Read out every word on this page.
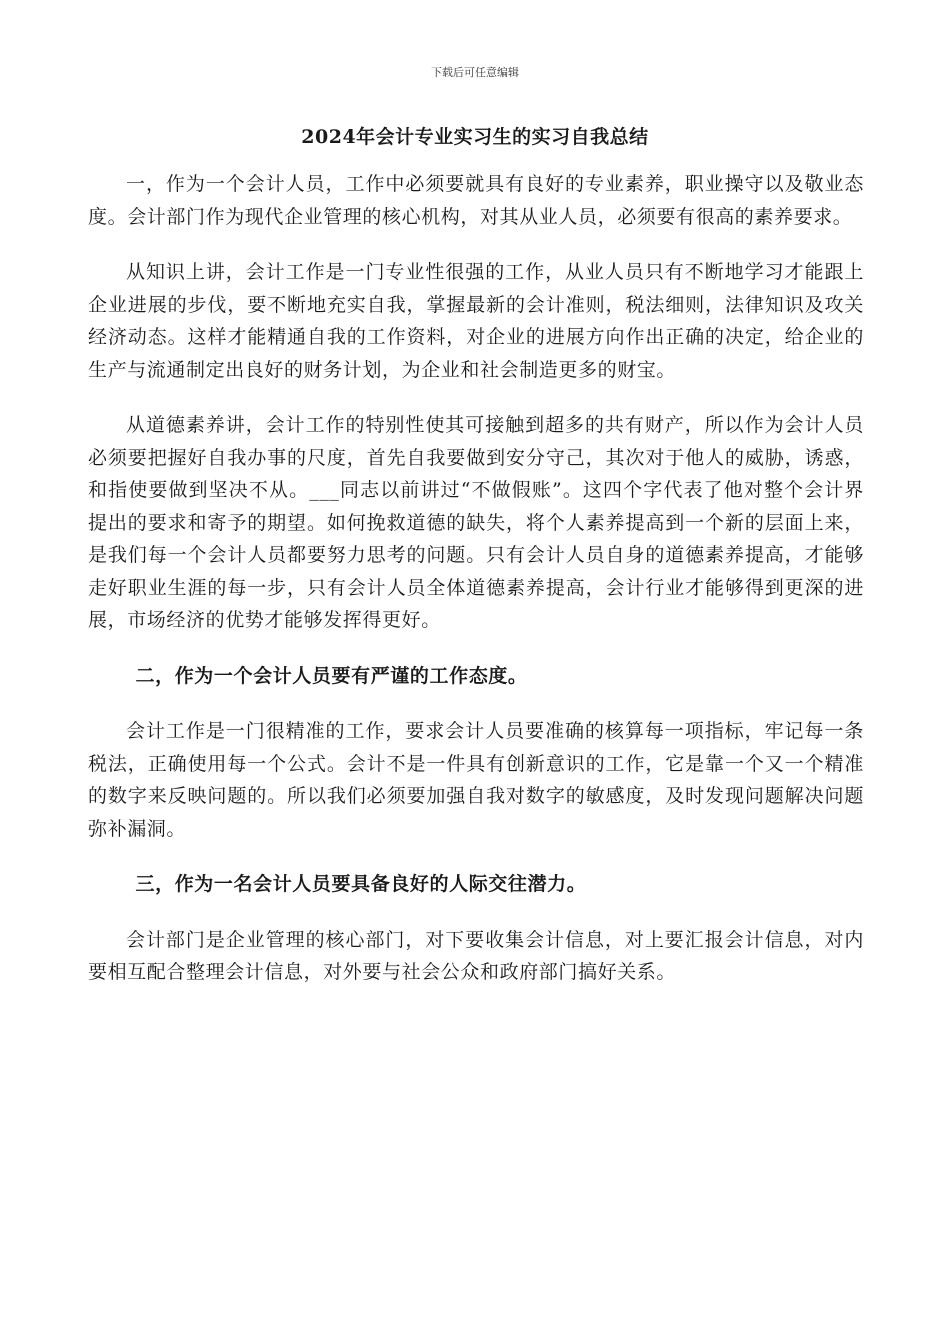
下载后可任意编辑
2024年会计专业实习生的实习自我总结

一，作为一个会计人员，工作中必须要就具有良好的专业素养，职业操守以及敬业态度。会计部门作为现代企业管理的核心机构，对其从业人员，必须要有很高的素养要求。

从知识上讲，会计工作是一门专业性很强的工作，从业人员只有不断地学习才能跟上企业进展的步伐，要不断地充实自我，掌握最新的会计准则，税法细则，法律知识及攻关经济动态。这样才能精通自我的工作资料，对企业的进展方向作出正确的决定，给企业的生产与流通制定出良好的财务计划，为企业和社会制造更多的财宝。

从道德素养讲，会计工作的特别性使其可接触到超多的共有财产，所以作为会计人员必须要把握好自我办事的尺度，首先自我要做到安分守己，其次对于他人的威胁，诱惑，和指使要做到坚决不从。___同志以前讲过“不做假账”。这四个字代表了他对整个会计界提出的要求和寄予的期望。如何挽救道德的缺失，将个人素养提高到一个新的层面上来，是我们每一个会计人员都要努力思考的问题。只有会计人员自身的道德素养提高，才能够走好职业生涯的每一步，只有会计人员全体道德素养提高，会计行业才能够得到更深的进展，市场经济的优势才能够发挥得更好。

二，作为一个会计人员要有严谨的工作态度。

会计工作是一门很精准的工作，要求会计人员要准确的核算每一项指标，牢记每一条税法，正确使用每一个公式。会计不是一件具有创新意识的工作，它是靠一个又一个精准的数字来反映问题的。所以我们必须要加强自我对数字的敏感度，及时发现问题解决问题弥补漏洞。

三，作为一名会计人员要具备良好的人际交往潜力。

会计部门是企业管理的核心部门，对下要收集会计信息，对上要汇报会计信息，对内要相互配合整理会计信息，对外要与社会公众和政府部门搞好关系。
